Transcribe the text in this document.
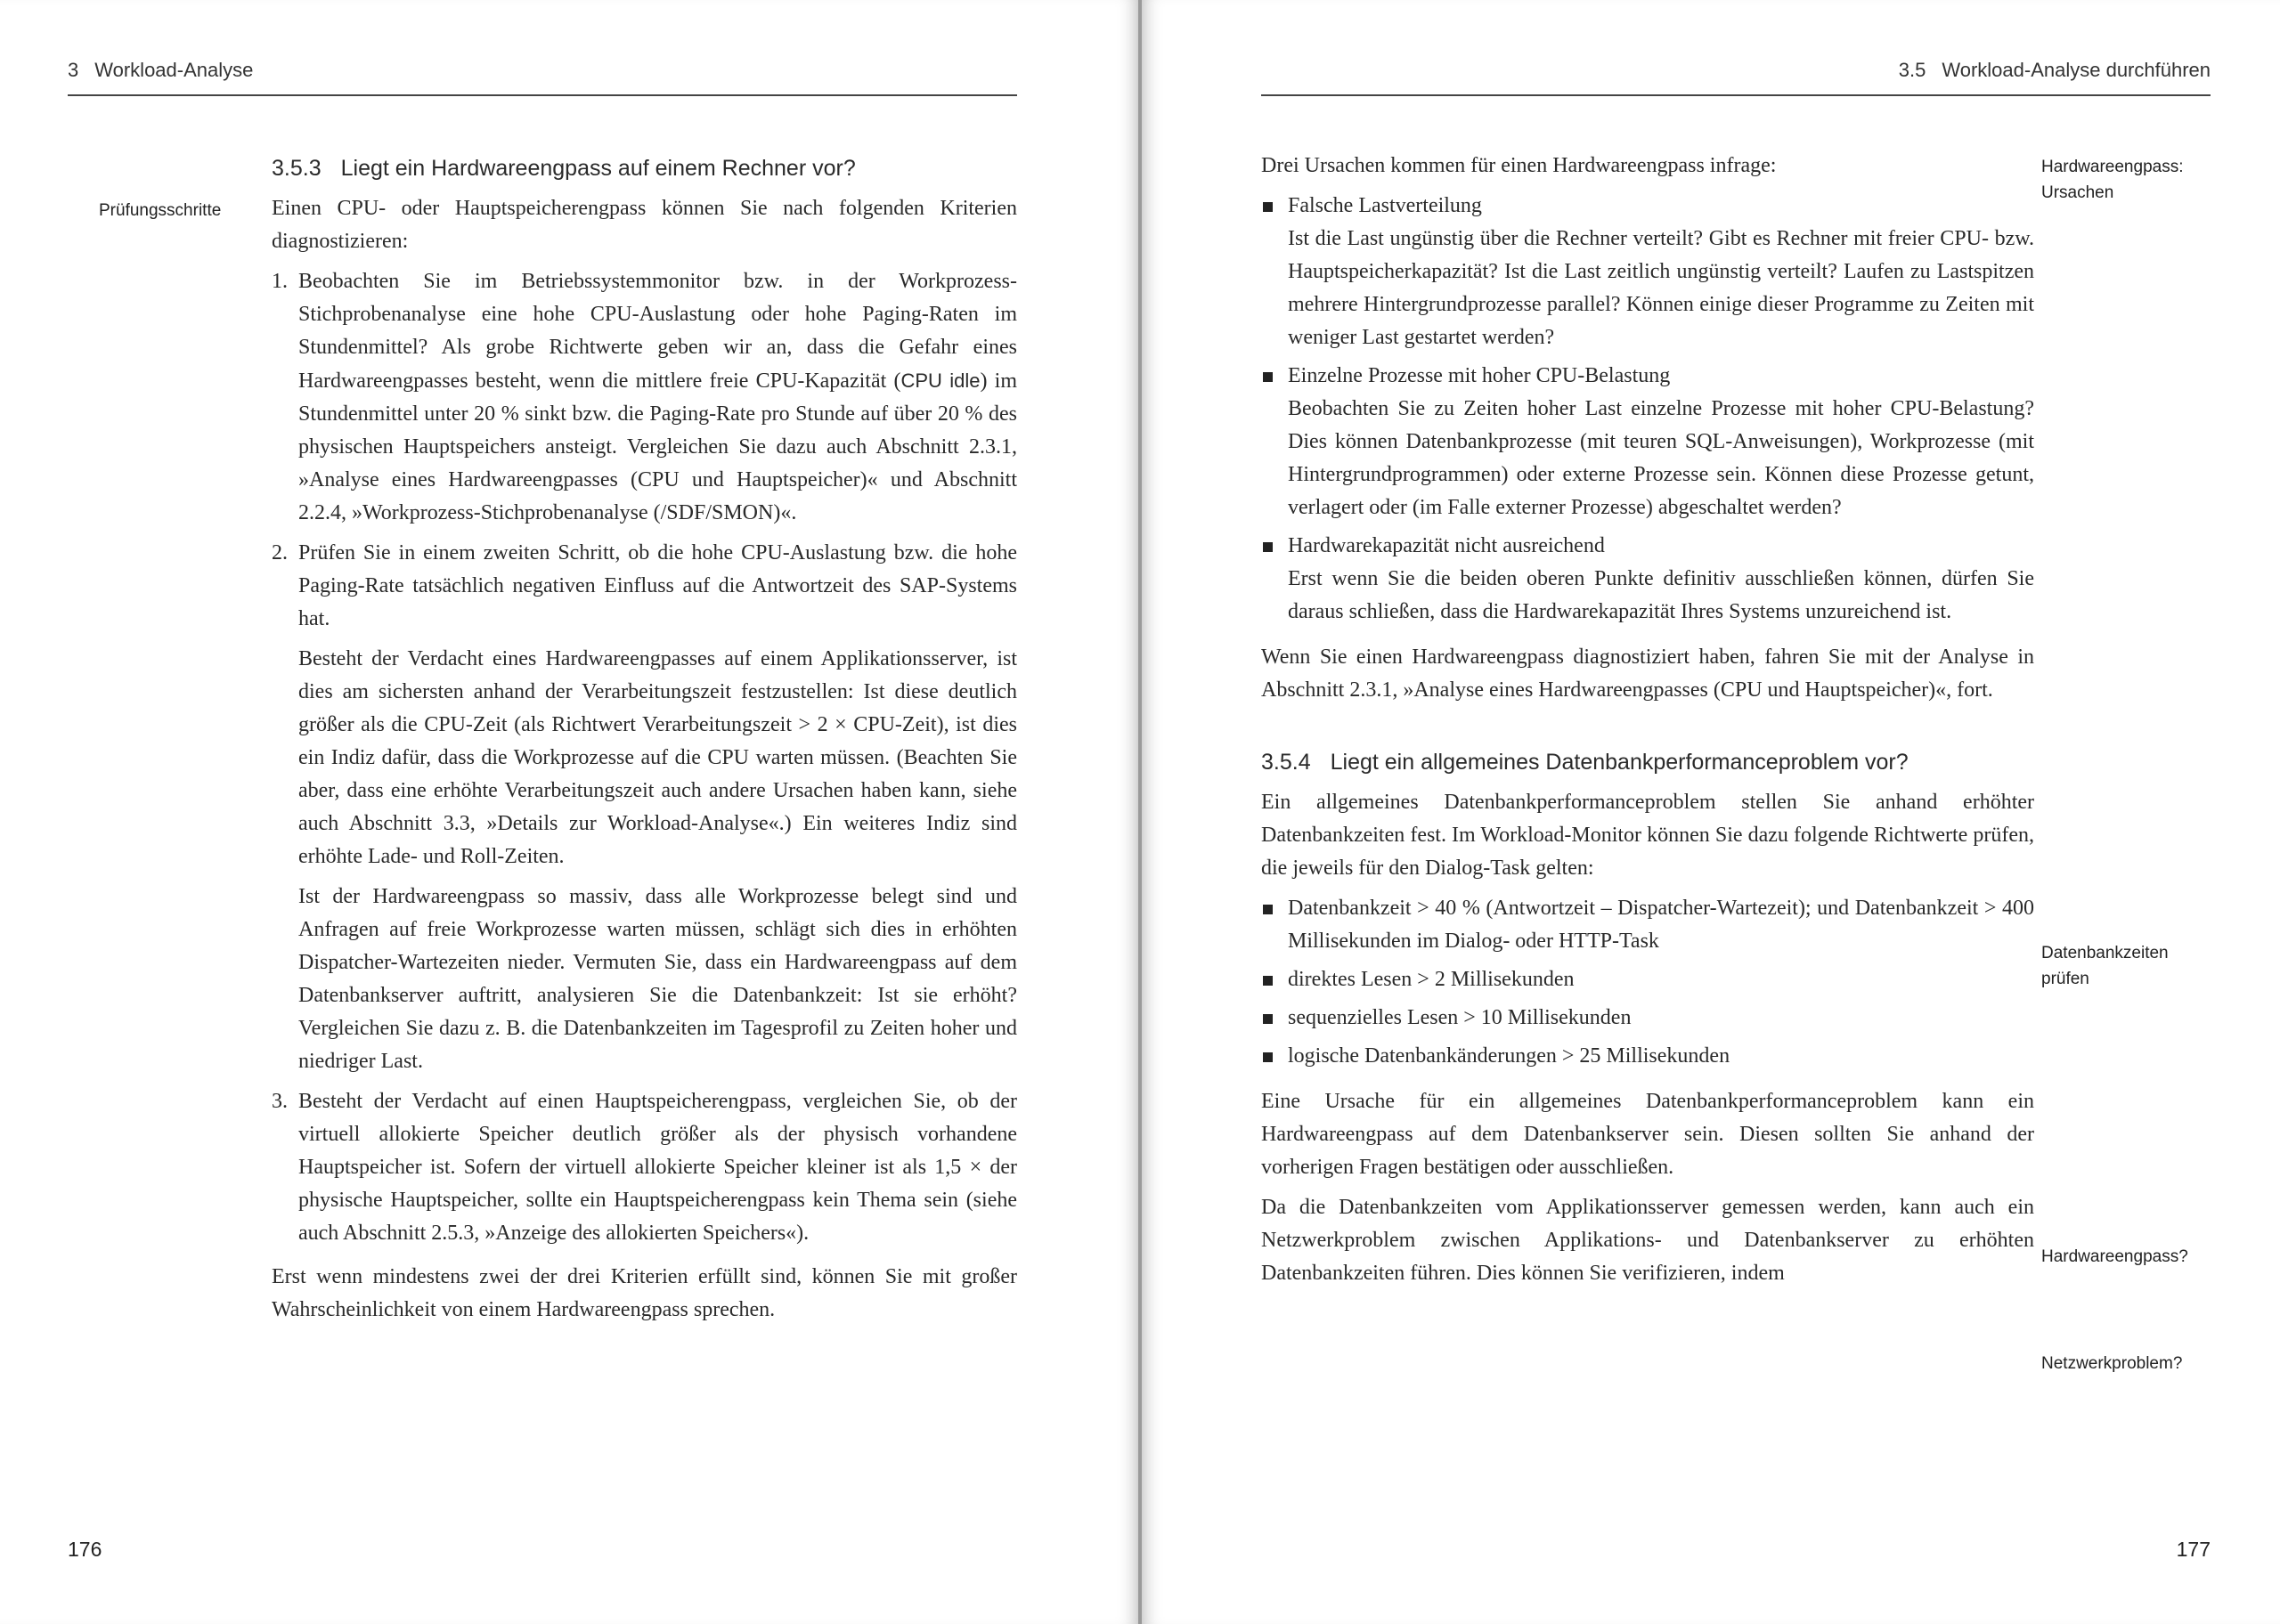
3 Workload-Analyse
Prüfungsschritte
3.5.3 Liegt ein Hardwareengpass auf einem Rechner vor?

Einen CPU- oder Hauptspeicherengpass können Sie nach folgenden Kriterien diagnostizieren:

1. Beobachten Sie im Betriebssystemmonitor bzw. in der Workprozess-Stichprobenanalyse eine hohe CPU-Auslastung oder hohe Paging-Raten im Stundenmittel? Als grobe Richtwerte geben wir an, dass die Gefahr eines Hardwareengpasses besteht, wenn die mittlere freie CPU-Kapazität (CPU idle) im Stundenmittel unter 20 % sinkt bzw. die Paging-Rate pro Stunde auf über 20 % des physischen Hauptspeichers ansteigt. Vergleichen Sie dazu auch Abschnitt 2.3.1, »Analyse eines Hardwareengpasses (CPU und Hauptspeicher)« und Abschnitt 2.2.4, »Workprozess-Stichprobenanalyse (/SDF/SMON)«.

2. Prüfen Sie in einem zweiten Schritt, ob die hohe CPU-Auslastung bzw. die hohe Paging-Rate tatsächlich negativen Einfluss auf die Antwortzeit des SAP-Systems hat.

Besteht der Verdacht eines Hardwareengpasses auf einem Applikationsserver, ist dies am sichersten anhand der Verarbeitungszeit festzustellen: Ist diese deutlich größer als die CPU-Zeit (als Richtwert Verarbeitungszeit > 2 × CPU-Zeit), ist dies ein Indiz dafür, dass die Workprozesse auf die CPU warten müssen. (Beachten Sie aber, dass eine erhöhte Verarbeitungszeit auch andere Ursachen haben kann, siehe auch Abschnitt 3.3, »Details zur Workload-Analyse«.) Ein weiteres Indiz sind erhöhte Lade- und Roll-Zeiten.

Ist der Hardwareengpass so massiv, dass alle Workprozesse belegt sind und Anfragen auf freie Workprozesse warten müssen, schlägt sich dies in erhöhten Dispatcher-Wartezeiten nieder. Vermuten Sie, dass ein Hardwareengpass auf dem Datenbankserver auftritt, analysieren Sie die Datenbankzeit: Ist sie erhöht? Vergleichen Sie dazu z. B. die Datenbankzeiten im Tagesprofil zu Zeiten hoher und niedriger Last.

3. Besteht der Verdacht auf einen Hauptspeicherengpass, vergleichen Sie, ob der virtuell allokierte Speicher deutlich größer als der physisch vorhandene Hauptspeicher ist. Sofern der virtuell allokierte Speicher kleiner ist als 1,5 × der physische Hauptspeicher, sollte ein Hauptspeicherengpass kein Thema sein (siehe auch Abschnitt 2.5.3, »Anzeige des allokierten Speichers«).

Erst wenn mindestens zwei der drei Kriterien erfüllt sind, können Sie mit großer Wahrscheinlichkeit von einem Hardwareengpass sprechen.

176
3.5 Workload-Analyse durchführen
Hardwareengpass: Ursachen
Datenbankzeiten prüfen
Hardwareengpass?
Netzwerkproblem?

Drei Ursachen kommen für einen Hardwareengpass infrage:

Falsche Lastverteilung
Ist die Last ungünstig über die Rechner verteilt? Gibt es Rechner mit freier CPU- bzw. Hauptspeicherkapazität? Ist die Last zeitlich ungünstig verteilt? Laufen zu Lastspitzen mehrere Hintergrundprozesse parallel? Können einige dieser Programme zu Zeiten mit weniger Last gestartet werden?
Einzelne Prozesse mit hoher CPU-Belastung
Beobachten Sie zu Zeiten hoher Last einzelne Prozesse mit hoher CPU-Belastung? Dies können Datenbankprozesse (mit teuren SQL-Anweisungen), Workprozesse (mit Hintergrundprogrammen) oder externe Prozesse sein. Können diese Prozesse getunt, verlagert oder (im Falle externer Prozesse) abgeschaltet werden?
Hardwarekapazität nicht ausreichend
Erst wenn Sie die beiden oberen Punkte definitiv ausschließen können, dürfen Sie daraus schließen, dass die Hardwarekapazität Ihres Systems unzureichend ist.

Wenn Sie einen Hardwareengpass diagnostiziert haben, fahren Sie mit der Analyse in Abschnitt 2.3.1, »Analyse eines Hardwareengpasses (CPU und Hauptspeicher)«, fort.

3.5.4 Liegt ein allgemeines Datenbankperformanceproblem vor?

Ein allgemeines Datenbankperformanceproblem stellen Sie anhand erhöhter Datenbankzeiten fest. Im Workload-Monitor können Sie dazu folgende Richtwerte prüfen, die jeweils für den Dialog-Task gelten:

Datenbankzeit > 40 % (Antwortzeit – Dispatcher-Wartezeit); und Datenbankzeit > 400 Millisekunden im Dialog- oder HTTP-Task
direktes Lesen > 2 Millisekunden
sequenzielles Lesen > 10 Millisekunden
logische Datenbankänderungen > 25 Millisekunden

Eine Ursache für ein allgemeines Datenbankperformanceproblem kann ein Hardwareengpass auf dem Datenbankserver sein. Diesen sollten Sie anhand der vorherigen Fragen bestätigen oder ausschließen.

Da die Datenbankzeiten vom Applikationsserver gemessen werden, kann auch ein Netzwerkproblem zwischen Applikations- und Datenbankserver zu erhöhten Datenbankzeiten führen. Dies können Sie verifizieren, indem

177
